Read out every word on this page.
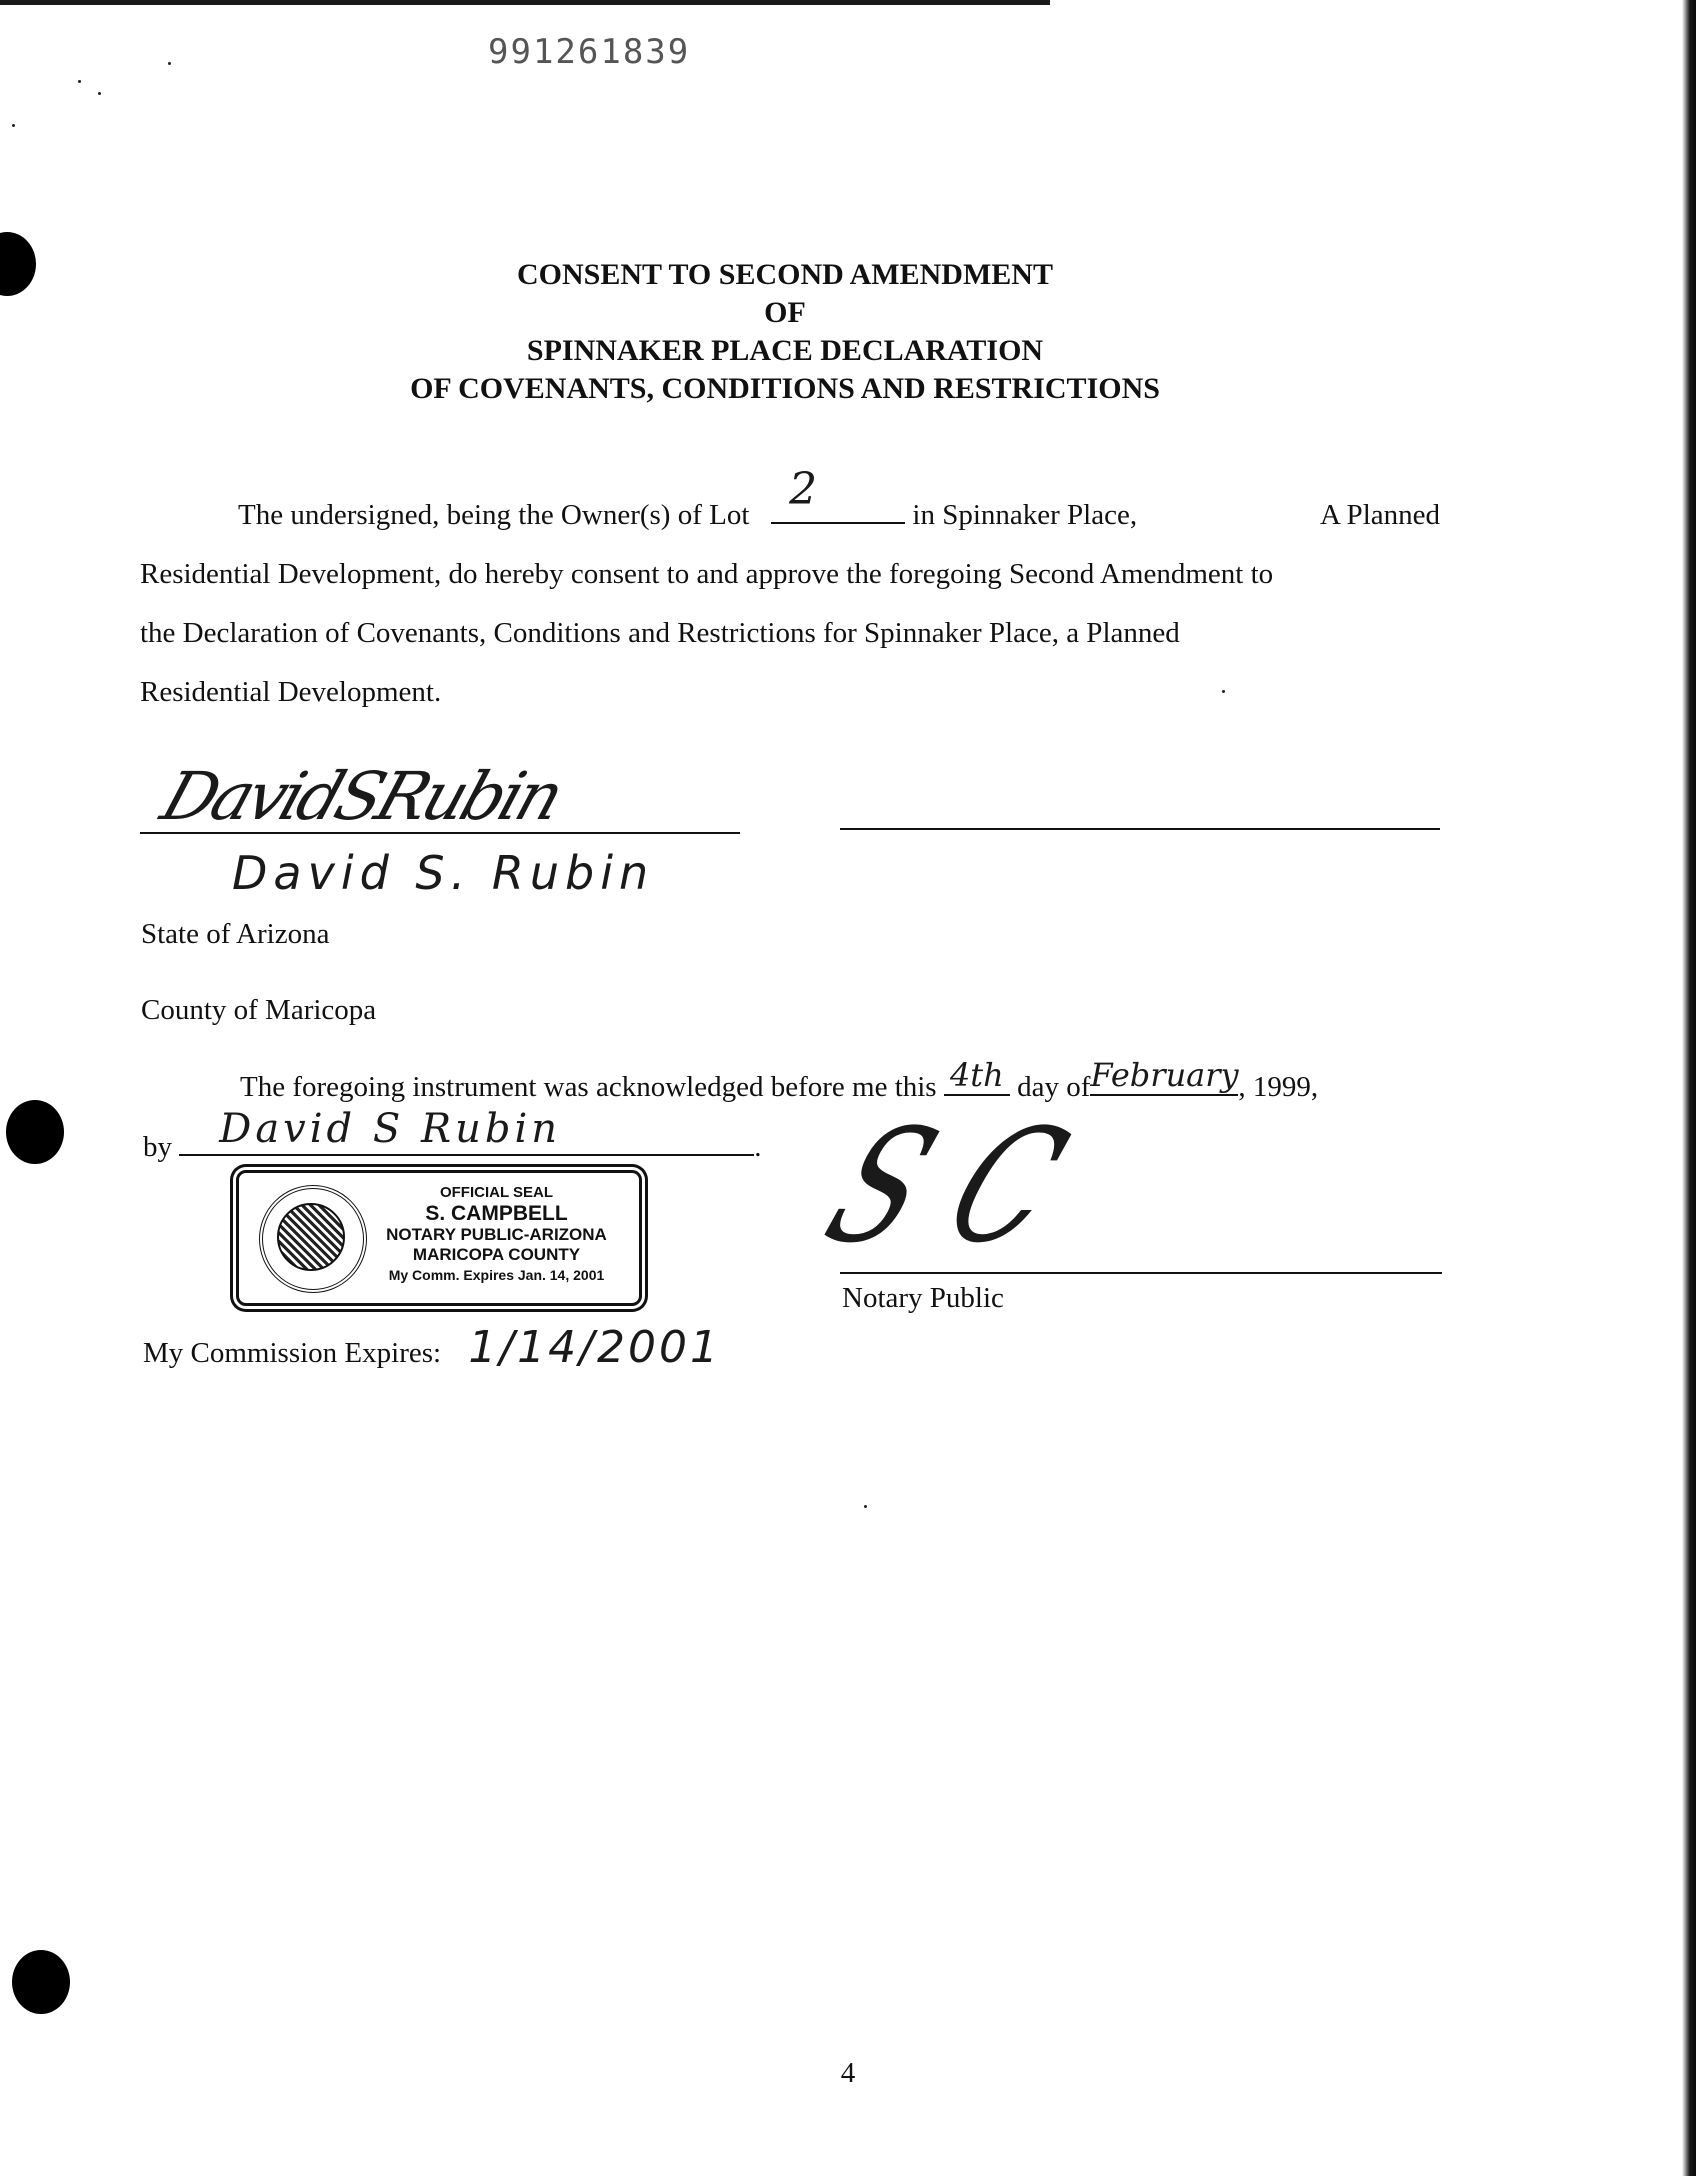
991261839
CONSENT TO SECOND AMENDMENT
OF
SPINNAKER PLACE DECLARATION
OF COVENANTS, CONDITIONS AND RESTRICTIONS
The undersigned, being the Owner(s) of Lot 2	in Spinnaker Place,	A Planned
Residential Development, do hereby consent to and approve the foregoing Second Amendment to
the Declaration of Covenants, Conditions and Restrictions for Spinnaker Place, a Planned
Residential Development.
DavidSRubin
David S. Rubin
State of Arizona
County of Maricopa
The foregoing instrument was acknowledged before me this 4th day of February , 1999,
by David S Rubin	.
OFFICIAL SEAL
S. CAMPBELL
NOTARY PUBLIC-ARIZONA
MARICOPA COUNTY
My Comm. Expires Jan. 14, 2001 S C
Notary Public
My Commission Expires: 1/14/2001
4
